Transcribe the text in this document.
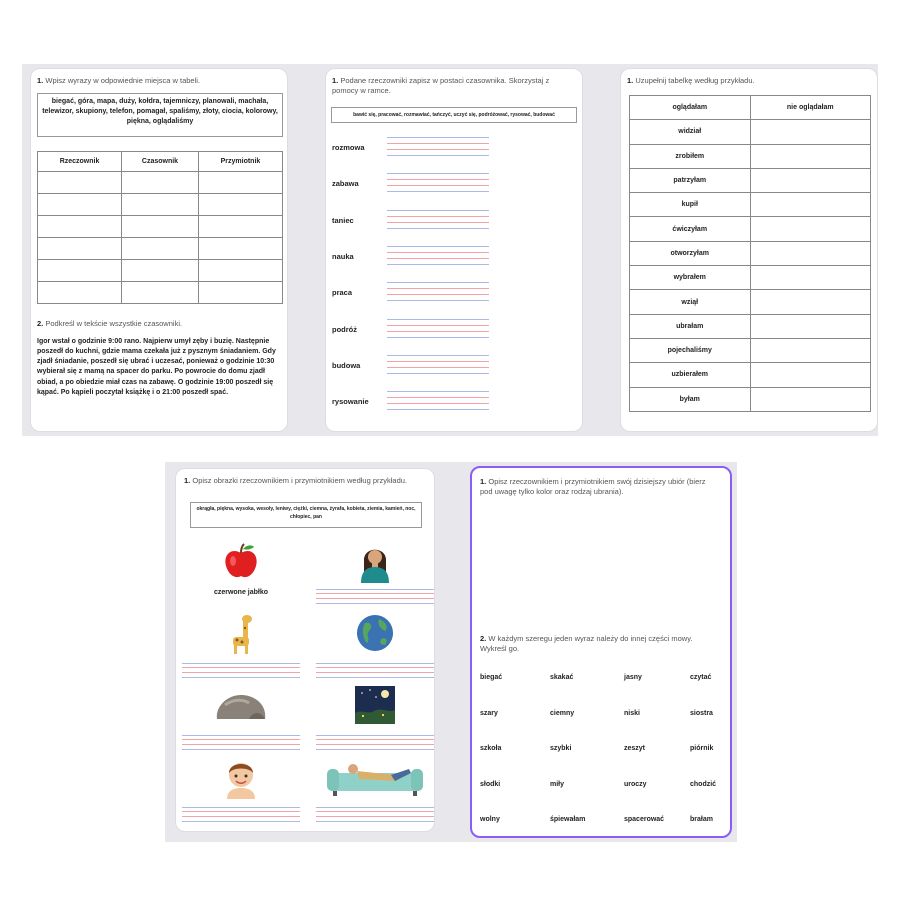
1. Wpisz wyrazy w odpowiednie miejsca w tabeli.
biegać, góra, mapa, duży, kołdra, tajemniczy, planowali, machała, telewizor, skupiony, telefon, pomagał, spaliśmy, złoty, ciocia, kolorowy, piękna, oglądaliśmy
Rzeczownik	Czasownik	Przymiotnik

2. Podkreśl w tekście wszystkie czasowniki.
Igor wstał o godzinie 9:00 rano. Najpierw umył zęby i buzię. Następnie poszedł do kuchni, gdzie mama czekała już z pysznym śniadaniem. Gdy zjadł śniadanie, poszedł się ubrać i uczesać, ponieważ o godzinie 10:30 wybierał się z mamą na spacer do parku. Po powrocie do domu zjadł obiad, a po obiedzie miał czas na zabawę. O godzinie 19:00 poszedł się kąpać. Po kąpieli poczytał książkę i o 21:00 poszedł spać.
1. Podane rzeczowniki zapisz w postaci czasownika. Skorzystaj z pomocy w ramce.
bawić się, pracować, rozmawiać, tańczyć, uczyć się, podróżować, rysować, budować
rozmowa
zabawa
taniec
nauka
praca
podróż
budowa
rysowanie
1. Uzupełnij tabelkę według przykładu.
oglądałam	nie oglądałam
widział	
zrobiłem	
patrzyłam	
kupił	
ćwiczyłam	
otworzyłam	
wybrałem	
wziął	
ubrałam	
pojechaliśmy	
uzbierałem	
byłam	
1. Opisz obrazki rzeczownikiem i przymiotnikiem według przykładu.
okrągła, piękna, wysoka, wesoły, leniwy, ciężki, ciemna, żyrafa, kobieta, ziemia, kamień, noc, chłopiec, pan
czerwone jabłko
1. Opisz rzeczownikiem i przymiotnikiem swój dzisiejszy ubiór (bierz pod uwagę tylko kolor oraz rodzaj ubrania).
2. W każdym szeregu jeden wyraz należy do innej części mowy. Wykreśl go.
biegać	skakać	jasny	czytać
szary	ciemny	niski	siostra
szkoła	szybki	zeszyt	piórnik
słodki	miły	uroczy	chodzić
wolny	śpiewałam	spacerować	brałam
